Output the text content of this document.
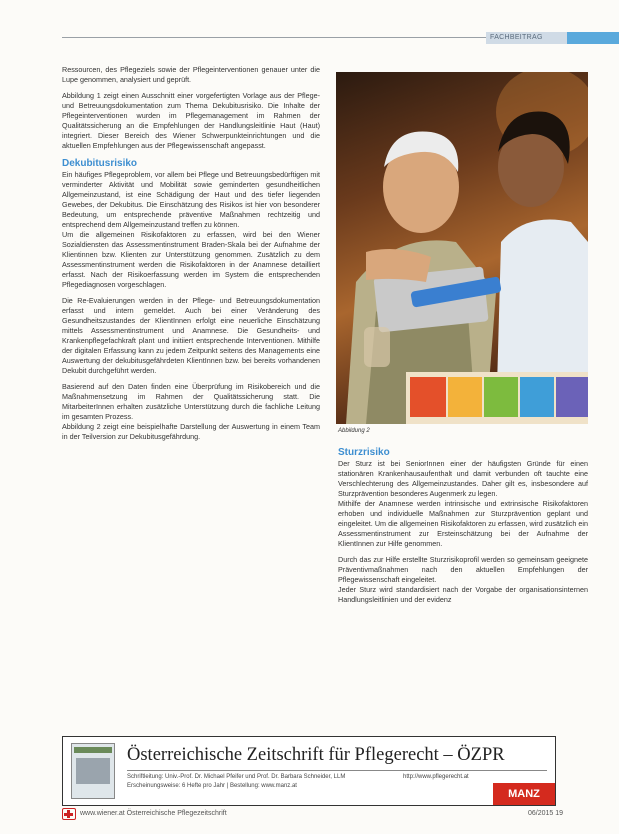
FACHBEITRAG

Ressourcen, des Pflegeziels sowie der Pflegeinterventionen genauer unter die Lupe genommen, analysiert und geprüft.

Abbildung 1 zeigt einen Ausschnitt einer vorgefertigten Vorlage aus der Pflege- und Betreuungsdokumentation zum Thema Dekubitusrisiko. Die Inhalte der Pflegeinterventionen wurden im Pflegemanagement im Rahmen der Qualitätssicherung an die Empfehlungen der Handlungsleitlinie Haut (Haut) integriert. Dieser Bereich des Wiener Schwerpunkteinrichtungen und die aktuellen Empfehlungen aus der Pflegewissenschaft angepasst.

Dekubitusrisiko

Ein häufiges Pflegeproblem, vor allem bei Pflege und Betreuungsbedürftigen mit verminderter Aktivität und Mobilität sowie geminderten gesundheitlichen Allgemeinzustand, ist eine Schädigung der Haut und des tiefer liegenden Gewebes, der Dekubitus. Die Einschätzung des Risikos ist hier von besonderer Bedeutung, um entsprechende präventive Maßnahmen rechtzeitig und entsprechend dem Allgemeinzustand treffen zu können.

Um die allgemeinen Risikofaktoren zu erfassen, wird bei den Wiener Sozialdiensten das Assessmentinstrument Braden-Skala bei der Aufnahme der Klientinnen bzw. Klienten zur Unterstützung genommen. Zusätzlich zu dem Assessmentinstrument werden die Risikofaktoren in der Anamnese detailliert erfasst. Nach der Risikoerfassung werden im System die entsprechenden Pflegediagnosen vorgeschlagen.

Die Re-Evaluierungen werden in der Pflege- und Betreuungsdokumentation erfasst und intern gemeldet. Auch bei einer Veränderung des Gesundheitszustandes der KlientInnen erfolgt eine neuerliche Einschätzung mittels Assessmentinstrument und Anamnese. Die Gesundheits- und Krankenpflegefachkraft plant und initiiert entsprechende Interventionen. Mithilfe der digitalen Erfassung kann zu jedem Zeitpunkt seitens des Managements eine Auswertung der dekubitusgefährdeten KlientInnen bzw. bei bereits vorhandenen Dekubit durchgeführt werden.

Basierend auf den Daten finden eine Überprüfung im Risikobereich und die Maßnahmensetzung im Rahmen der Qualitätssicherung statt. Die MitarbeiterInnen erhalten zusätzliche Unterstützung durch die fachliche Leitung im gesamten Prozess.

Abbildung 2 zeigt eine beispielhafte Darstellung der Auswertung in einem Team in der Teilversion zur Dekubitusgefährdung.

Abbildung 2
Sturzrisiko

Der Sturz ist bei SeniorInnen einer der häufigsten Gründe für einen stationären Krankenhausaufenthalt und damit verbunden oft tauchte eine Verschlechterung des Allgemeinzustandes. Daher gilt es, insbesondere auf Sturzprävention besonderes Augenmerk zu legen.

Mithilfe der Anamnese werden intrinsische und extrinsische Risikofaktoren erhoben und individuelle Maßnahmen zur Sturzprävention geplant und eingeleitet. Um die allgemeinen Risikofaktoren zu erfassen, wird zusätzlich ein Assessmentinstrument zur Ersteinschätzung bei der Aufnahme der KlientInnen zur Hilfe genommen.

Durch das zur Hilfe erstellte Sturzrisikoprofil werden so gemeinsam geeignete Präventivmaßnahmen nach den aktuellen Empfehlungen der Pflegewissenschaft eingeleitet.

Jeder Sturz wird standardisiert nach der Vorgabe der organisationsinternen Handlungsleitlinien und der evidenz

Österreichische Zeitschrift für Pflegerecht – ÖZPR
Schriftleitung: Univ.-Prof. Dr. Michael Pfeifer und Prof. Dr. Barbara Schneider, LLM
Erscheinungsweise: 6 Hefte pro Jahr | Bestellung: www.manz.at
http://www.pflegerecht.at
MANZ
www.wiener.at Österreichische Pflegezeitschrift	06/2015 19
